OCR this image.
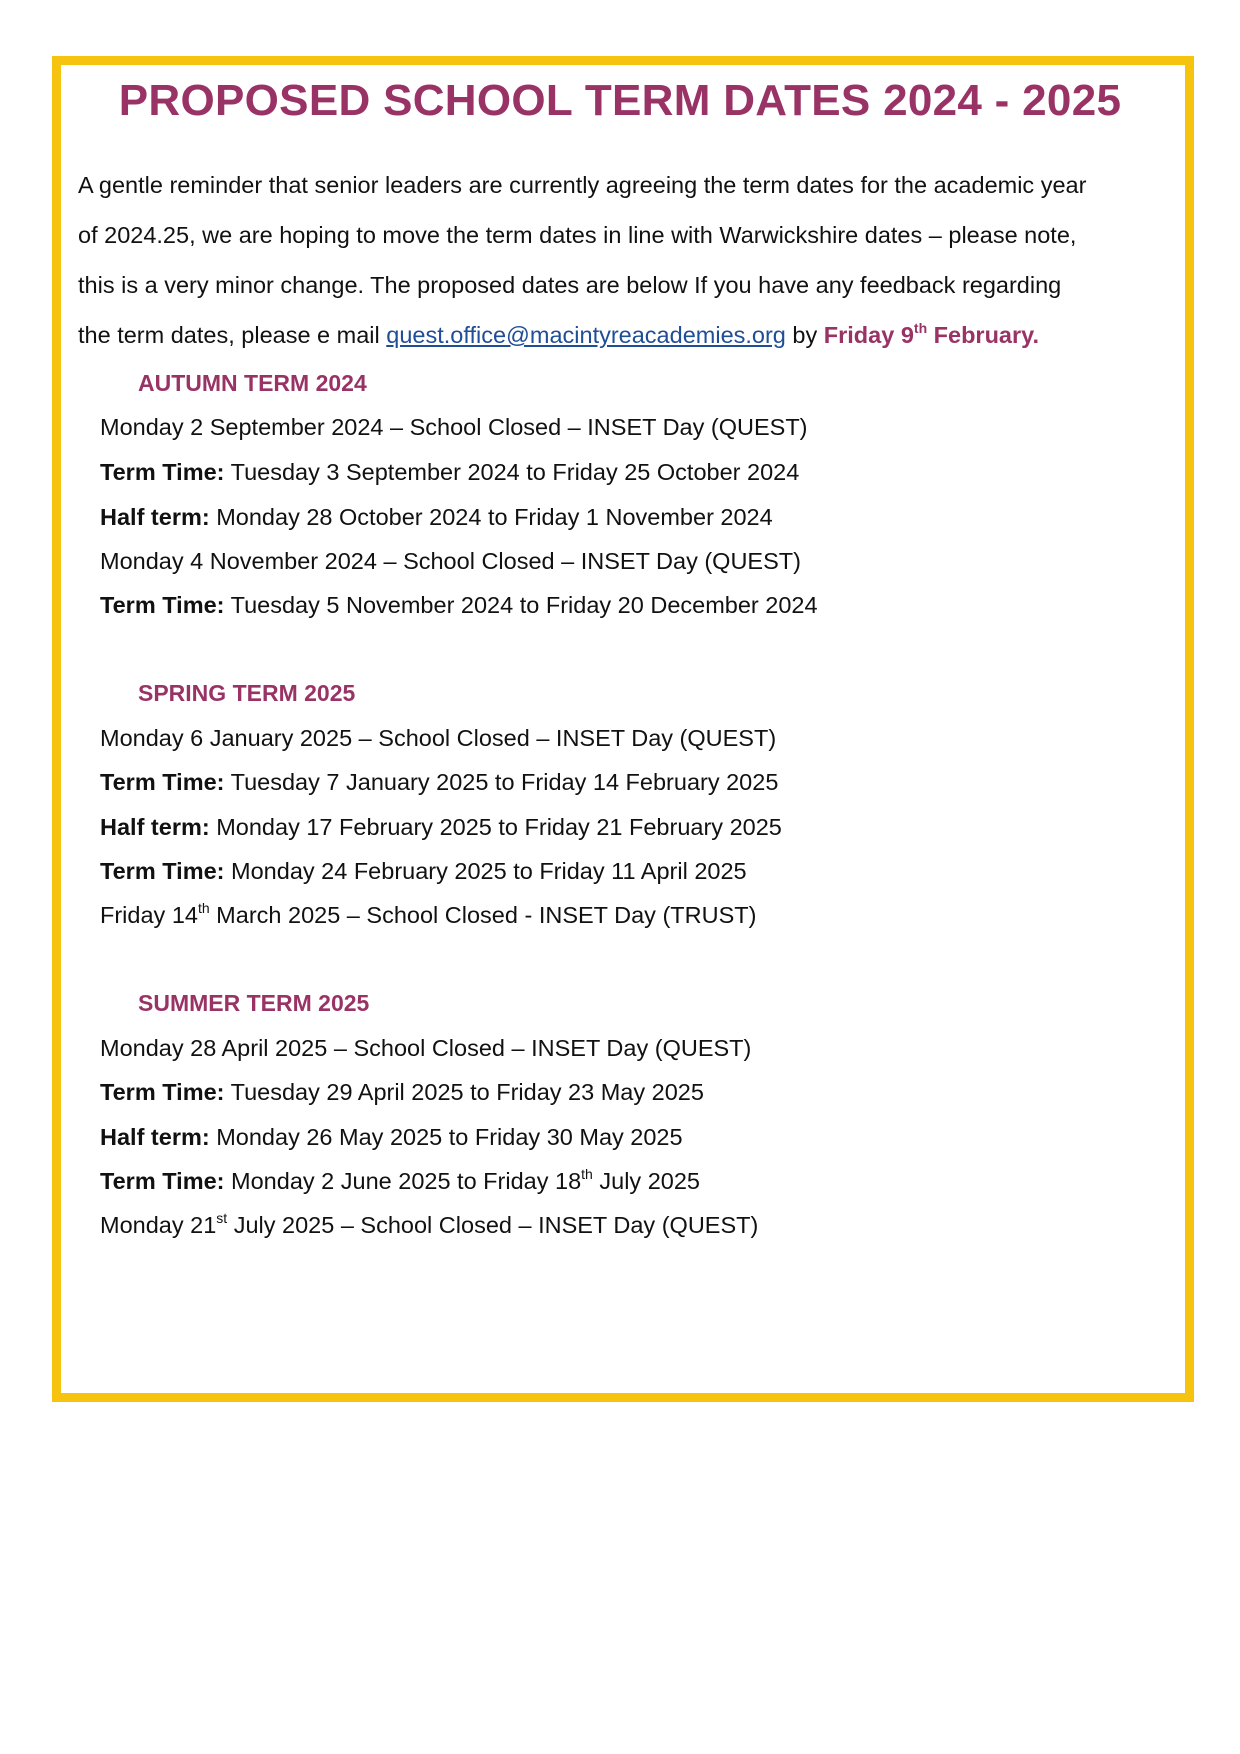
PROPOSED SCHOOL TERM DATES 2024 - 2025

A gentle reminder that senior leaders are currently agreeing the term dates for the academic year
of 2024.25, we are hoping to move the term dates in line with Warwickshire dates – please note,
this is a very minor change. The proposed dates are below If you have any feedback regarding
the term dates, please e mail quest.office@macintyreacademies.org by Friday 9th February.

AUTUMN TERM 2024
Monday 2 September 2024 – School Closed – INSET Day (QUEST)
Term Time: Tuesday 3 September 2024 to Friday 25 October 2024
Half term: Monday 28 October 2024 to Friday 1 November 2024
Monday 4 November 2024 – School Closed – INSET Day (QUEST)
Term Time: Tuesday 5 November 2024 to Friday 20 December 2024
SPRING TERM 2025
Monday 6 January 2025 – School Closed – INSET Day (QUEST)
Term Time: Tuesday 7 January 2025 to Friday 14 February 2025
Half term: Monday 17 February 2025 to Friday 21 February 2025
Term Time: Monday 24 February 2025 to Friday 11 April 2025
Friday 14th March 2025 – School Closed - INSET Day (TRUST)
SUMMER TERM 2025
Monday 28 April 2025 – School Closed – INSET Day (QUEST)
Term Time: Tuesday 29 April 2025 to Friday 23 May 2025
Half term: Monday 26 May 2025 to Friday 30 May 2025
Term Time: Monday 2 June 2025 to Friday 18th July 2025
Monday 21st July 2025 – School Closed – INSET Day (QUEST)
